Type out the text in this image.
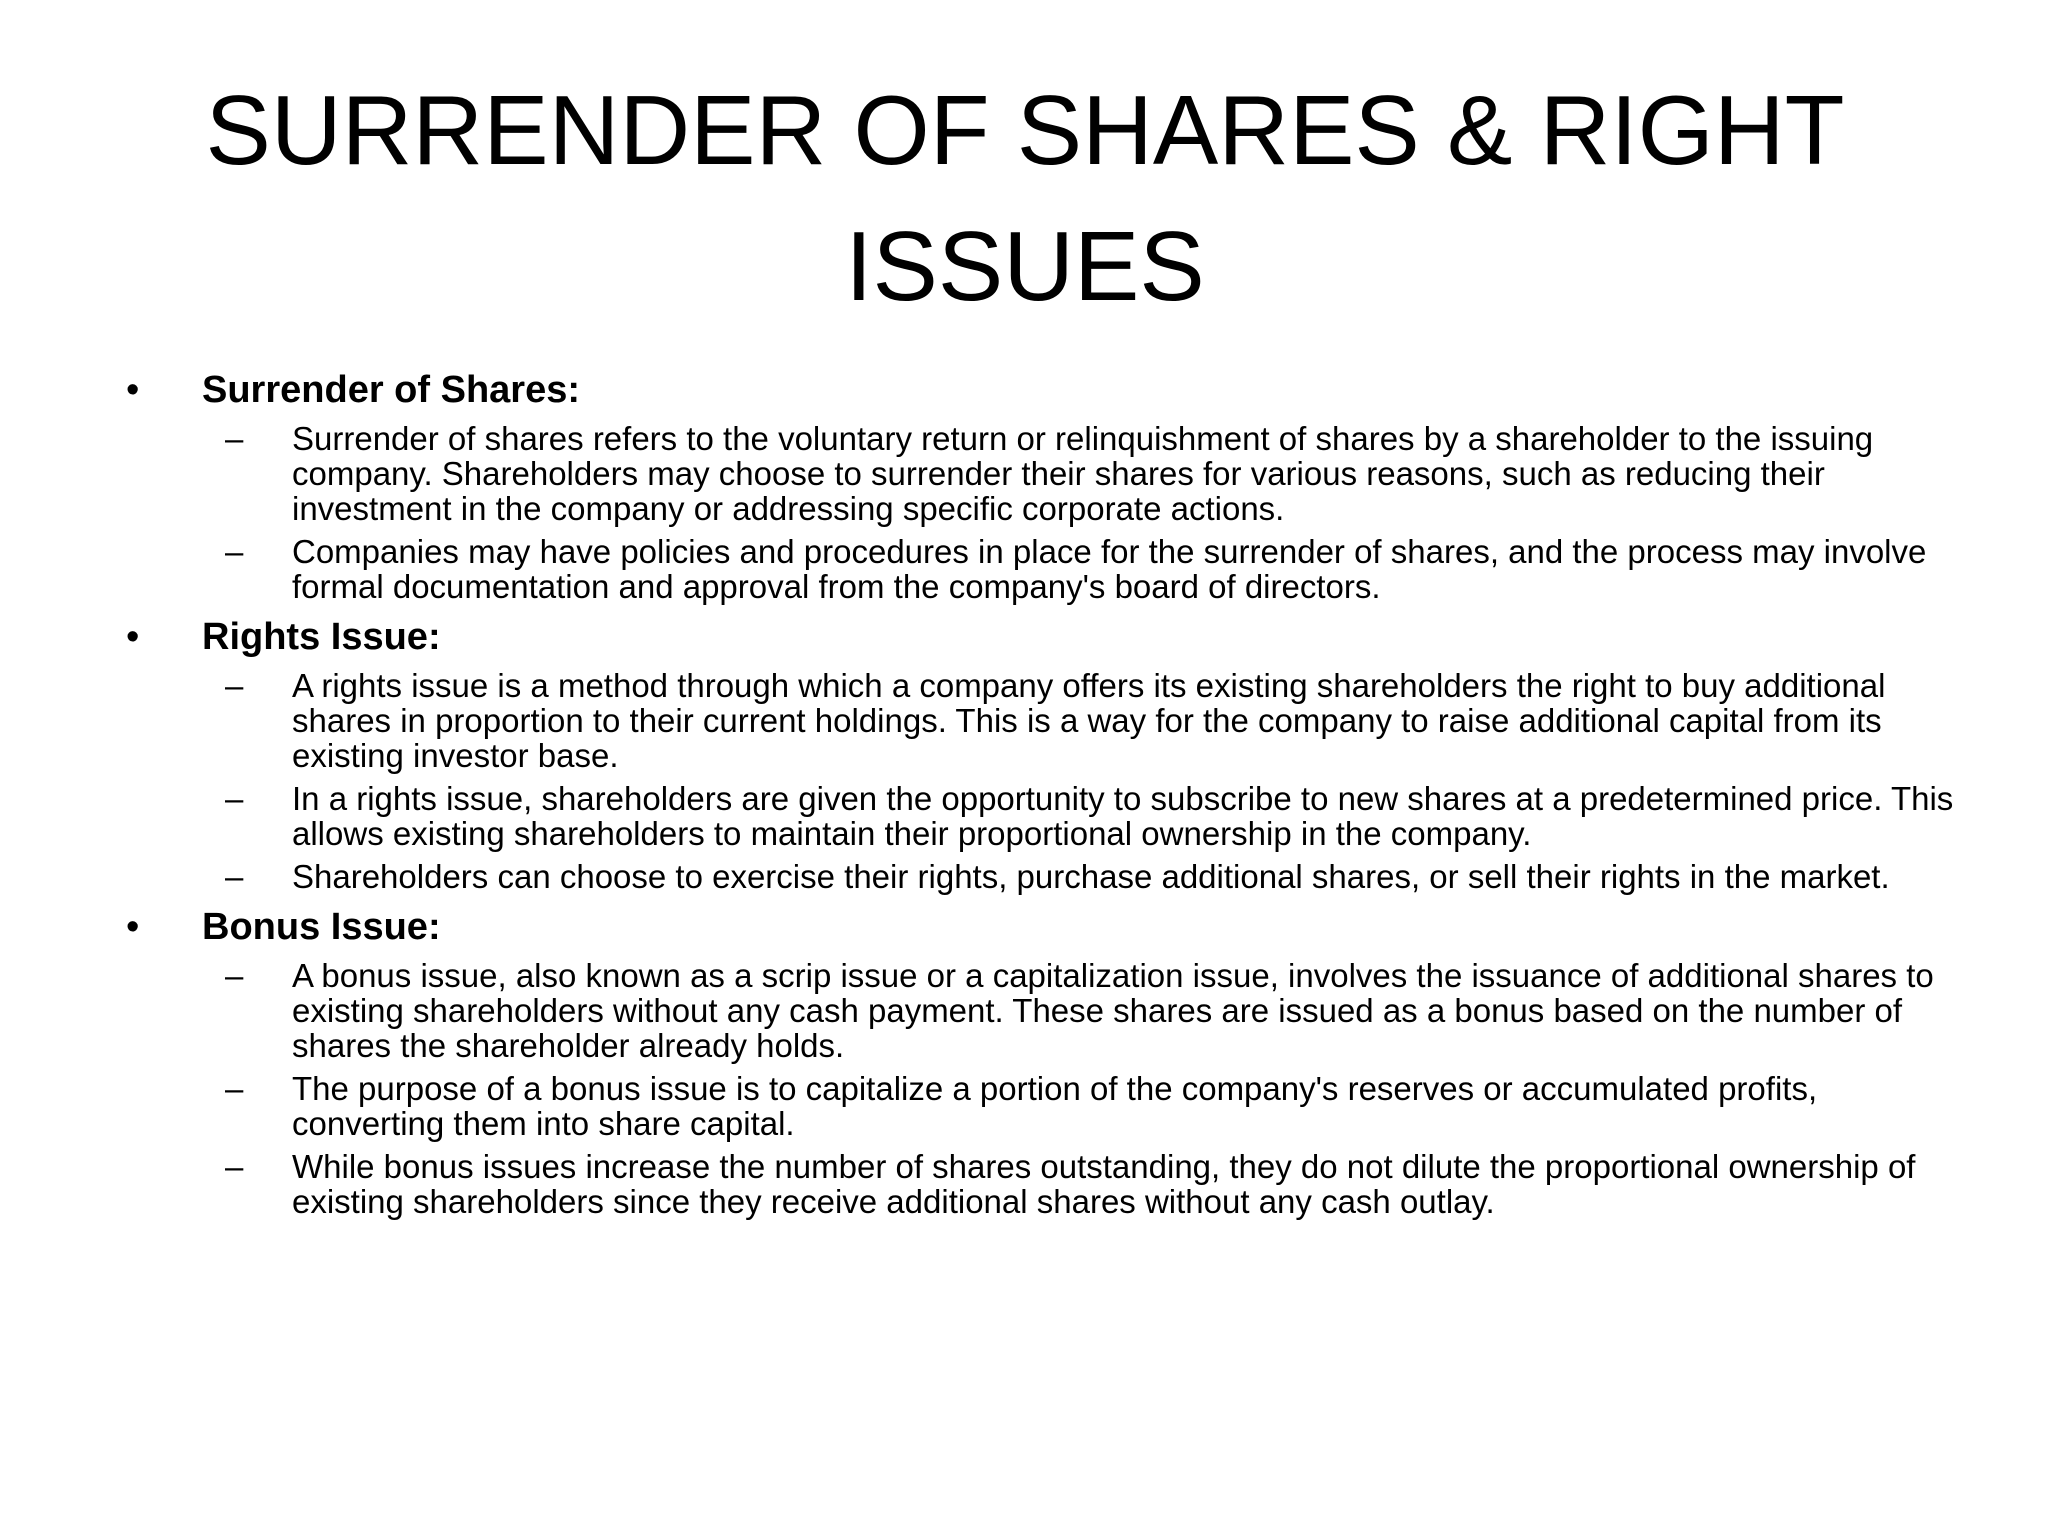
SURRENDER OF SHARES & RIGHT ISSUES
• Surrender of Shares:
– Surrender of shares refers to the voluntary return or relinquishment of shares by a shareholder to the issuing company. Shareholders may choose to surrender their shares for various reasons, such as reducing their investment in the company or addressing specific corporate actions.
– Companies may have policies and procedures in place for the surrender of shares, and the process may involve formal documentation and approval from the company's board of directors.
• Rights Issue:
– A rights issue is a method through which a company offers its existing shareholders the right to buy additional shares in proportion to their current holdings. This is a way for the company to raise additional capital from its existing investor base.
– In a rights issue, shareholders are given the opportunity to subscribe to new shares at a predetermined price. This allows existing shareholders to maintain their proportional ownership in the company.
– Shareholders can choose to exercise their rights, purchase additional shares, or sell their rights in the market.
• Bonus Issue:
– A bonus issue, also known as a scrip issue or a capitalization issue, involves the issuance of additional shares to existing shareholders without any cash payment. These shares are issued as a bonus based on the number of shares the shareholder already holds.
– The purpose of a bonus issue is to capitalize a portion of the company's reserves or accumulated profits, converting them into share capital.
– While bonus issues increase the number of shares outstanding, they do not dilute the proportional ownership of existing shareholders since they receive additional shares without any cash outlay.
